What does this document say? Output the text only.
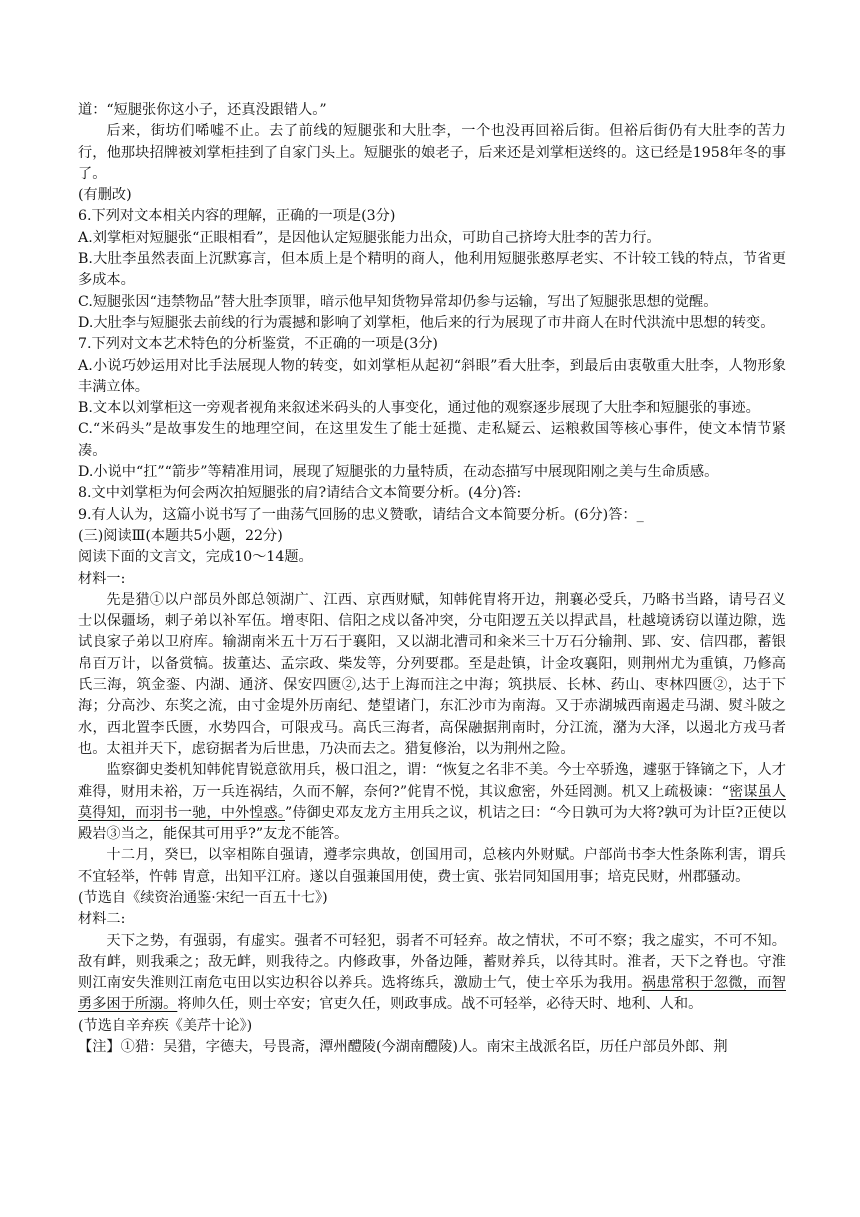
道：“短腿张你这小子，还真没跟错人。”

后来，街坊们唏嘘不止。去了前线的短腿张和大肚李，一个也没再回裕后街。但裕后街仍有大肚李的苦力行，他那块招牌被刘掌柜挂到了自家门头上。短腿张的娘老子，后来还是刘掌柜送终的。这已经是1958年冬的事了。

(有删改)

6.下列对文本相关内容的理解，正确的一项是(3分)

A.刘掌柜对短腿张“正眼相看”，是因他认定短腿张能力出众，可助自己挤垮大肚李的苦力行。

B.大肚李虽然表面上沉默寡言，但本质上是个精明的商人，他利用短腿张憨厚老实、不计较工钱的特点，节省更多成本。

C.短腿张因“违禁物品”替大肚李顶罪，暗示他早知货物异常却仍参与运输，写出了短腿张思想的觉醒。

D.大肚李与短腿张去前线的行为震撼和影响了刘掌柜，他后来的行为展现了市井商人在时代洪流中思想的转变。

7.下列对文本艺术特色的分析鉴赏，不正确的一项是(3分)

A.小说巧妙运用对比手法展现人物的转变，如刘掌柜从起初“斜眼”看大肚李，到最后由衷敬重大肚李，人物形象丰满立体。

B.文本以刘掌柜这一旁观者视角来叙述米码头的人事变化，通过他的观察逐步展现了大肚李和短腿张的事迹。

C.“米码头”是故事发生的地理空间，在这里发生了能士延揽、走私疑云、运粮救国等核心事件，使文本情节紧凑。

D.小说中“扛”“箭步”等精准用词，展现了短腿张的力量特质，在动态描写中展现阳刚之美与生命质感。

8.文中刘掌柜为何会两次拍短腿张的肩?请结合文本简要分析。(4分)答:

9.有人认为，这篇小说书写了一曲荡气回肠的忠义赞歌，请结合文本简要分析。(6分)答：_

(三)阅读Ⅲ(本题共5小题，22分)

阅读下面的文言文，完成10～14题。

材料一:

先是猎①以户部员外郎总领湖广、江西、京西财赋，知韩侂胄将开边，荆襄必受兵，乃略书当路，请号召义士以保疆场，刺子弟以补军伍。增枣阳、信阳之戍以备冲突，分屯阳逻五关以捍武昌，杜越境诱窃以谨边隙，选试良家子弟以卫府库。输湖南米五十万石于襄阳，又以湖北漕司和籴米三十万石分输荆、郢、安、信四郡，蓄银帛百万计，以备赏犒。拔董达、孟宗政、柴发等，分列要郡。至是赴镇，计金攻襄阳，则荆州尤为重镇，乃修高氏三海，筑金銮、内湖、通济、保安四匮②,达于上海而注之中海；筑拱辰、长林、药山、枣林四匮②，达于下海；分高沙、东奖之流，由寸金堤外历南纪、楚望诸门，东汇沙市为南海。又于赤湖城西南遏走马湖、熨斗陂之水，西北置李氏匮，水势四合，可限戎马。高氏三海者，高保融据荆南时，分江流，潴为大泽，以遏北方戎马者也。太祖并天下，虑窃据者为后世患，乃决而去之。猎复修治，以为荆州之险。

监察御史娄机知韩侂胄锐意欲用兵，极口沮之，谓：“恢复之名非不美。今士卒骄逸，遽驱于锋镝之下，人才难得，财用未裕，万一兵连祸结，久而不解，奈何?”侂胄不悦，其议愈密，外廷罔测。机又上疏极谏：“密谋虽人莫得知，而羽书一驰，中外惶惑。”侍御史邓友龙方主用兵之议，机诘之曰：“今日孰可为大将?孰可为计臣?正使以殿岩③当之，能保其可用乎?”友龙不能答。

十二月，癸巳，以宰相陈自强请，遵孝宗典故，创国用司，总核内外财赋。户部尚书李大性条陈利害，谓兵不宜轻举，忤韩 胄意，出知平江府。遂以自强兼国用使，费士寅、张岩同知国用事；培克民财，州郡骚动。

(节选自《续资治通鉴·宋纪一百五十七》)

材料二:

天下之势，有强弱，有虚实。强者不可轻犯，弱者不可轻弃。故之情状，不可不察；我之虚实，不可不知。敌有衅，则我乘之；敌无衅，则我待之。内修政事，外备边陲，蓄财养兵，以待其时。淮者，天下之脊也。守淮则江南安失淮则江南危屯田以实边积谷以养兵。选将练兵，激励士气，使士卒乐为我用。祸患常积于忽微，而智勇多困于所溺。将帅久任，则士卒安；官吏久任，则政事成。战不可轻举，必待天时、地利、人和。

(节选自辛弃疾《美芹十论》)

【注】①猎：吴猎，字德夫，号畏斋，潭州醴陵(今湖南醴陵)人。南宋主战派名臣，历任户部员外郎、荆
